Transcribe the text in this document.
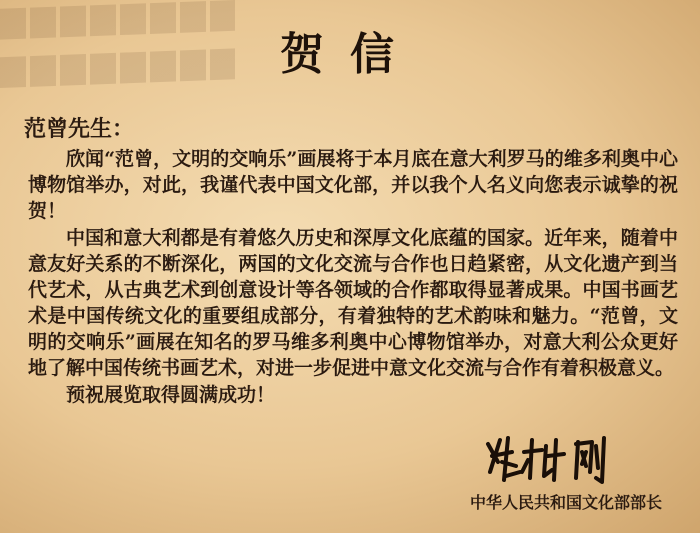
贺信
范曾先生：

欣闻“范曾，文明的交响乐”画展将于本月底在意大利罗马的维多利奥中心博物馆举办，对此，我谨代表中国文化部，并以我个人名义向您表示诚挚的祝贺！

中国和意大利都是有着悠久历史和深厚文化底蕴的国家。近年来，随着中意友好关系的不断深化，两国的文化交流与合作也日趋紧密，从文化遗产到当代艺术，从古典艺术到创意设计等各领域的合作都取得显著成果。中国书画艺术是中国传统文化的重要组成部分，有着独特的艺术韵味和魅力。“范曾，文明的交响乐”画展在知名的罗马维多利奥中心博物馆举办，对意大利公众更好地了解中国传统书画艺术，对进一步促进中意文化交流与合作有着积极意义。

预祝展览取得圆满成功！

中华人民共和国文化部部长
